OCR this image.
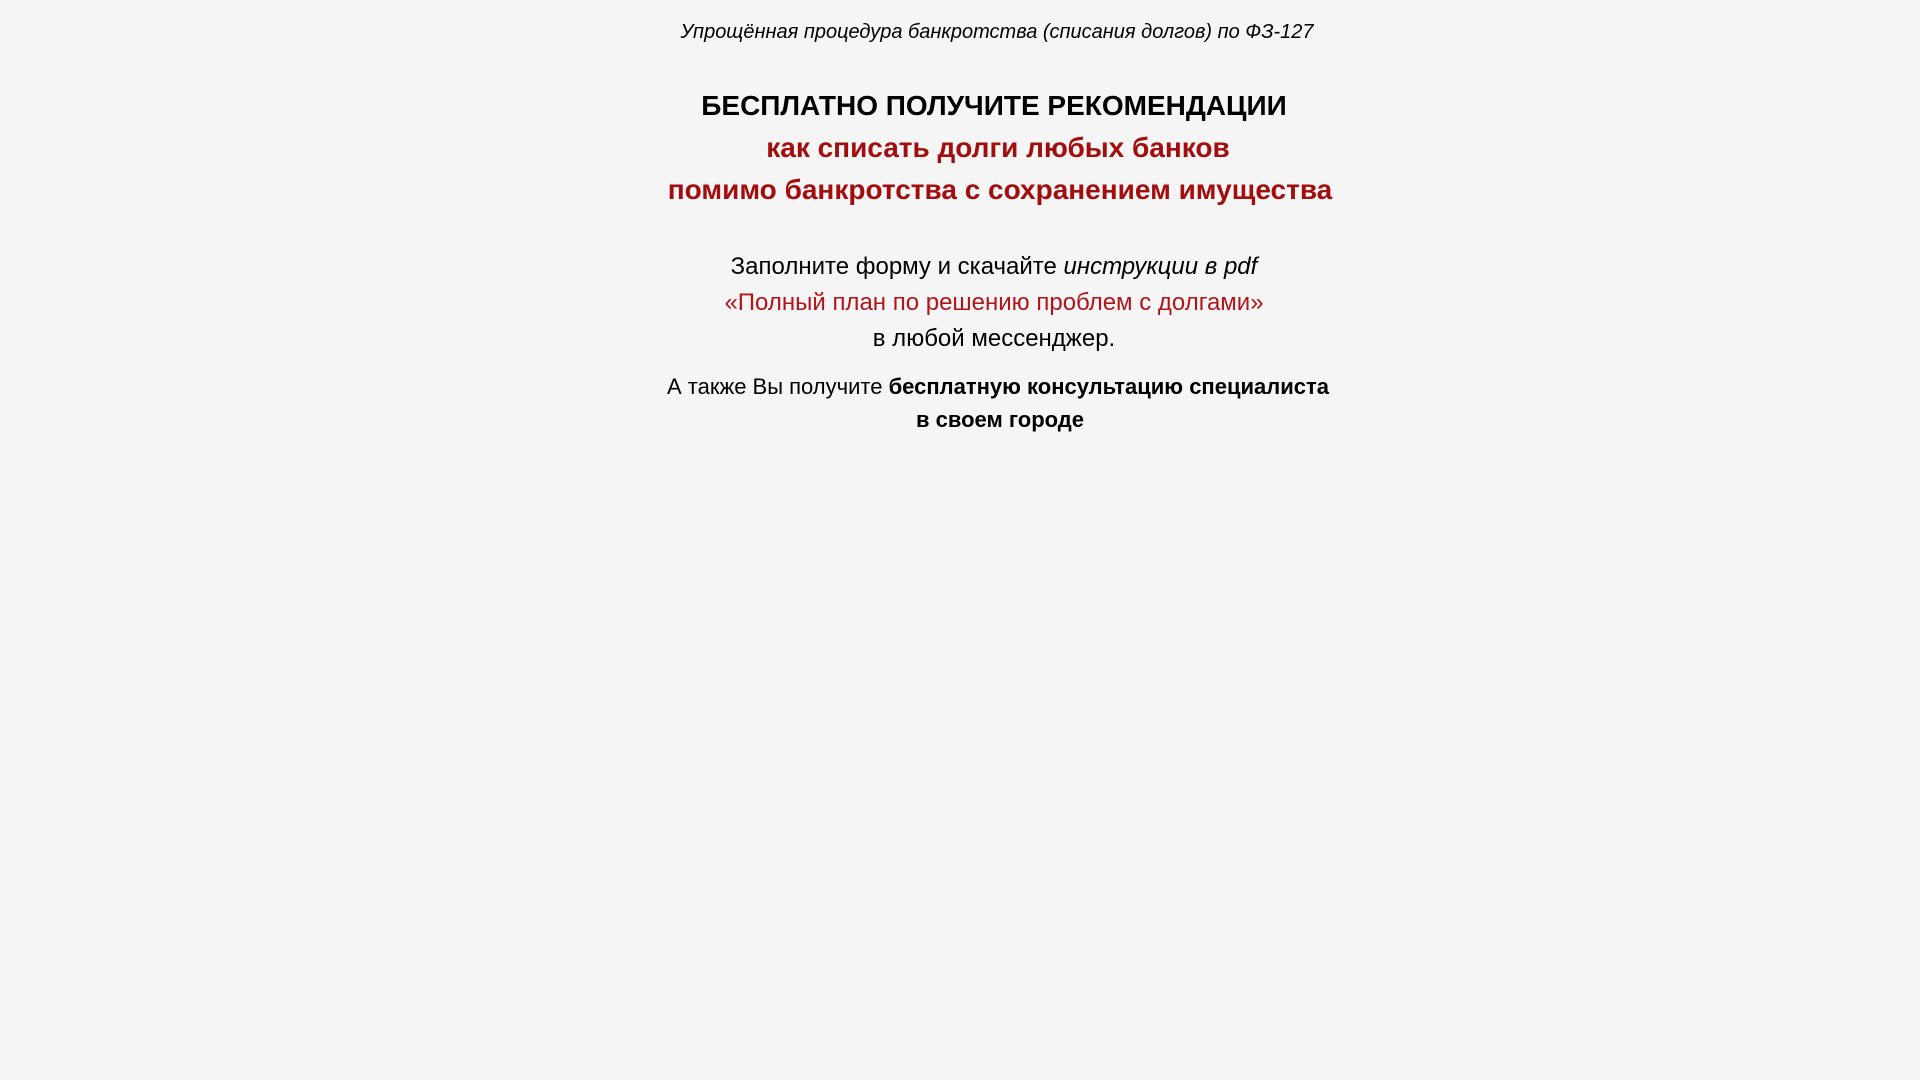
Упрощённая процедура банкротства (списания долгов) по ФЗ-127
БЕСПЛАТНО ПОЛУЧИТЕ РЕКОМЕНДАЦИИ
как списать долги любых банков
помимо банкротства с сохранением имущества
Заполните форму и скачайте инструкции в pdf
«Полный план по решению проблем с долгами»
в любой мессенджер.
А также Вы получите бесплатную консультацию специалиста
в своем городе
